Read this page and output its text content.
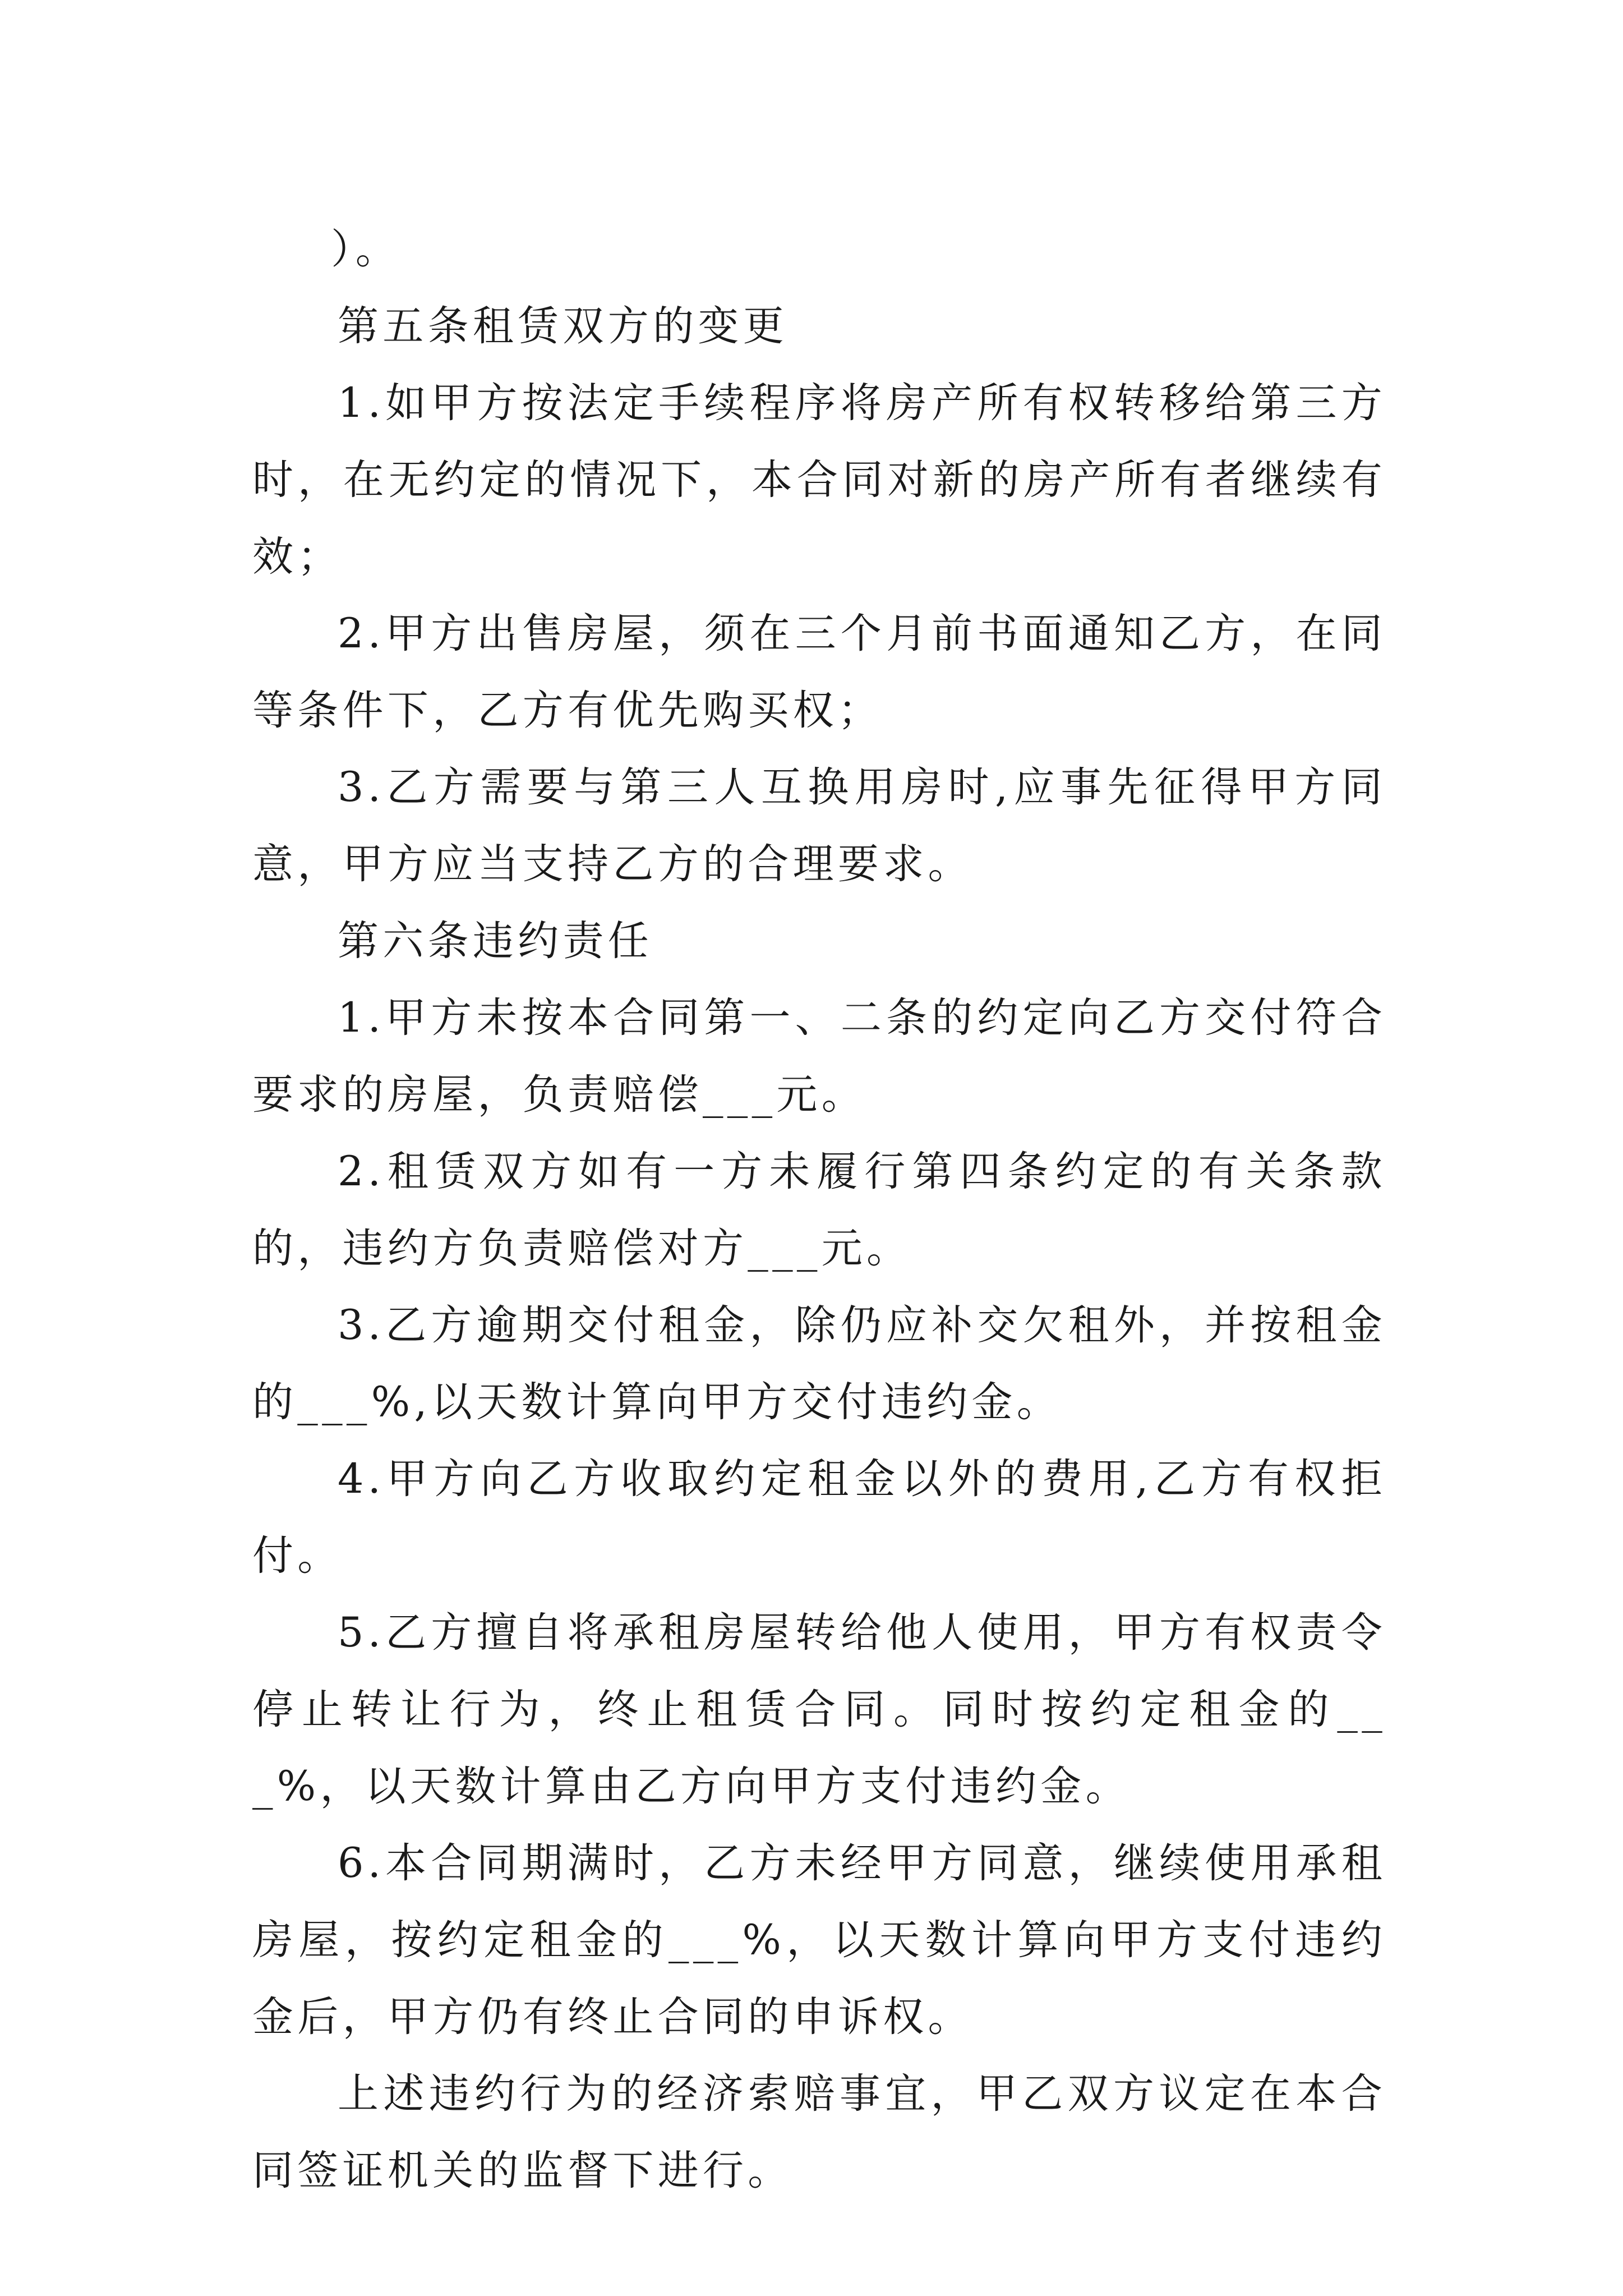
）。

第五条租赁双方的变更

1.如甲方按法定手续程序将房产所有权转移给第三方时，在无约定的情况下，本合同对新的房产所有者继续有效；

2.甲方出售房屋，须在三个月前书面通知乙方，在同等条件下，乙方有优先购买权；

3.乙方需要与第三人互换用房时,应事先征得甲方同意，甲方应当支持乙方的合理要求。

第六条违约责任

1.甲方未按本合同第一、二条的约定向乙方交付符合要求的房屋，负责赔偿___元。

2.租赁双方如有一方未履行第四条约定的有关条款的，违约方负责赔偿对方___元。

3.乙方逾期交付租金，除仍应补交欠租外，并按租金的___%,以天数计算向甲方交付违约金。

4.甲方向乙方收取约定租金以外的费用,乙方有权拒付。

5.乙方擅自将承租房屋转给他人使用，甲方有权责令停止转让行为，终止租赁合同。同时按约定租金的___%，以天数计算由乙方向甲方支付违约金。

6.本合同期满时，乙方未经甲方同意，继续使用承租房屋，按约定租金的___%，以天数计算向甲方支付违约金后，甲方仍有终止合同的申诉权。

上述违约行为的经济索赔事宜，甲乙双方议定在本合同签证机关的监督下进行。
